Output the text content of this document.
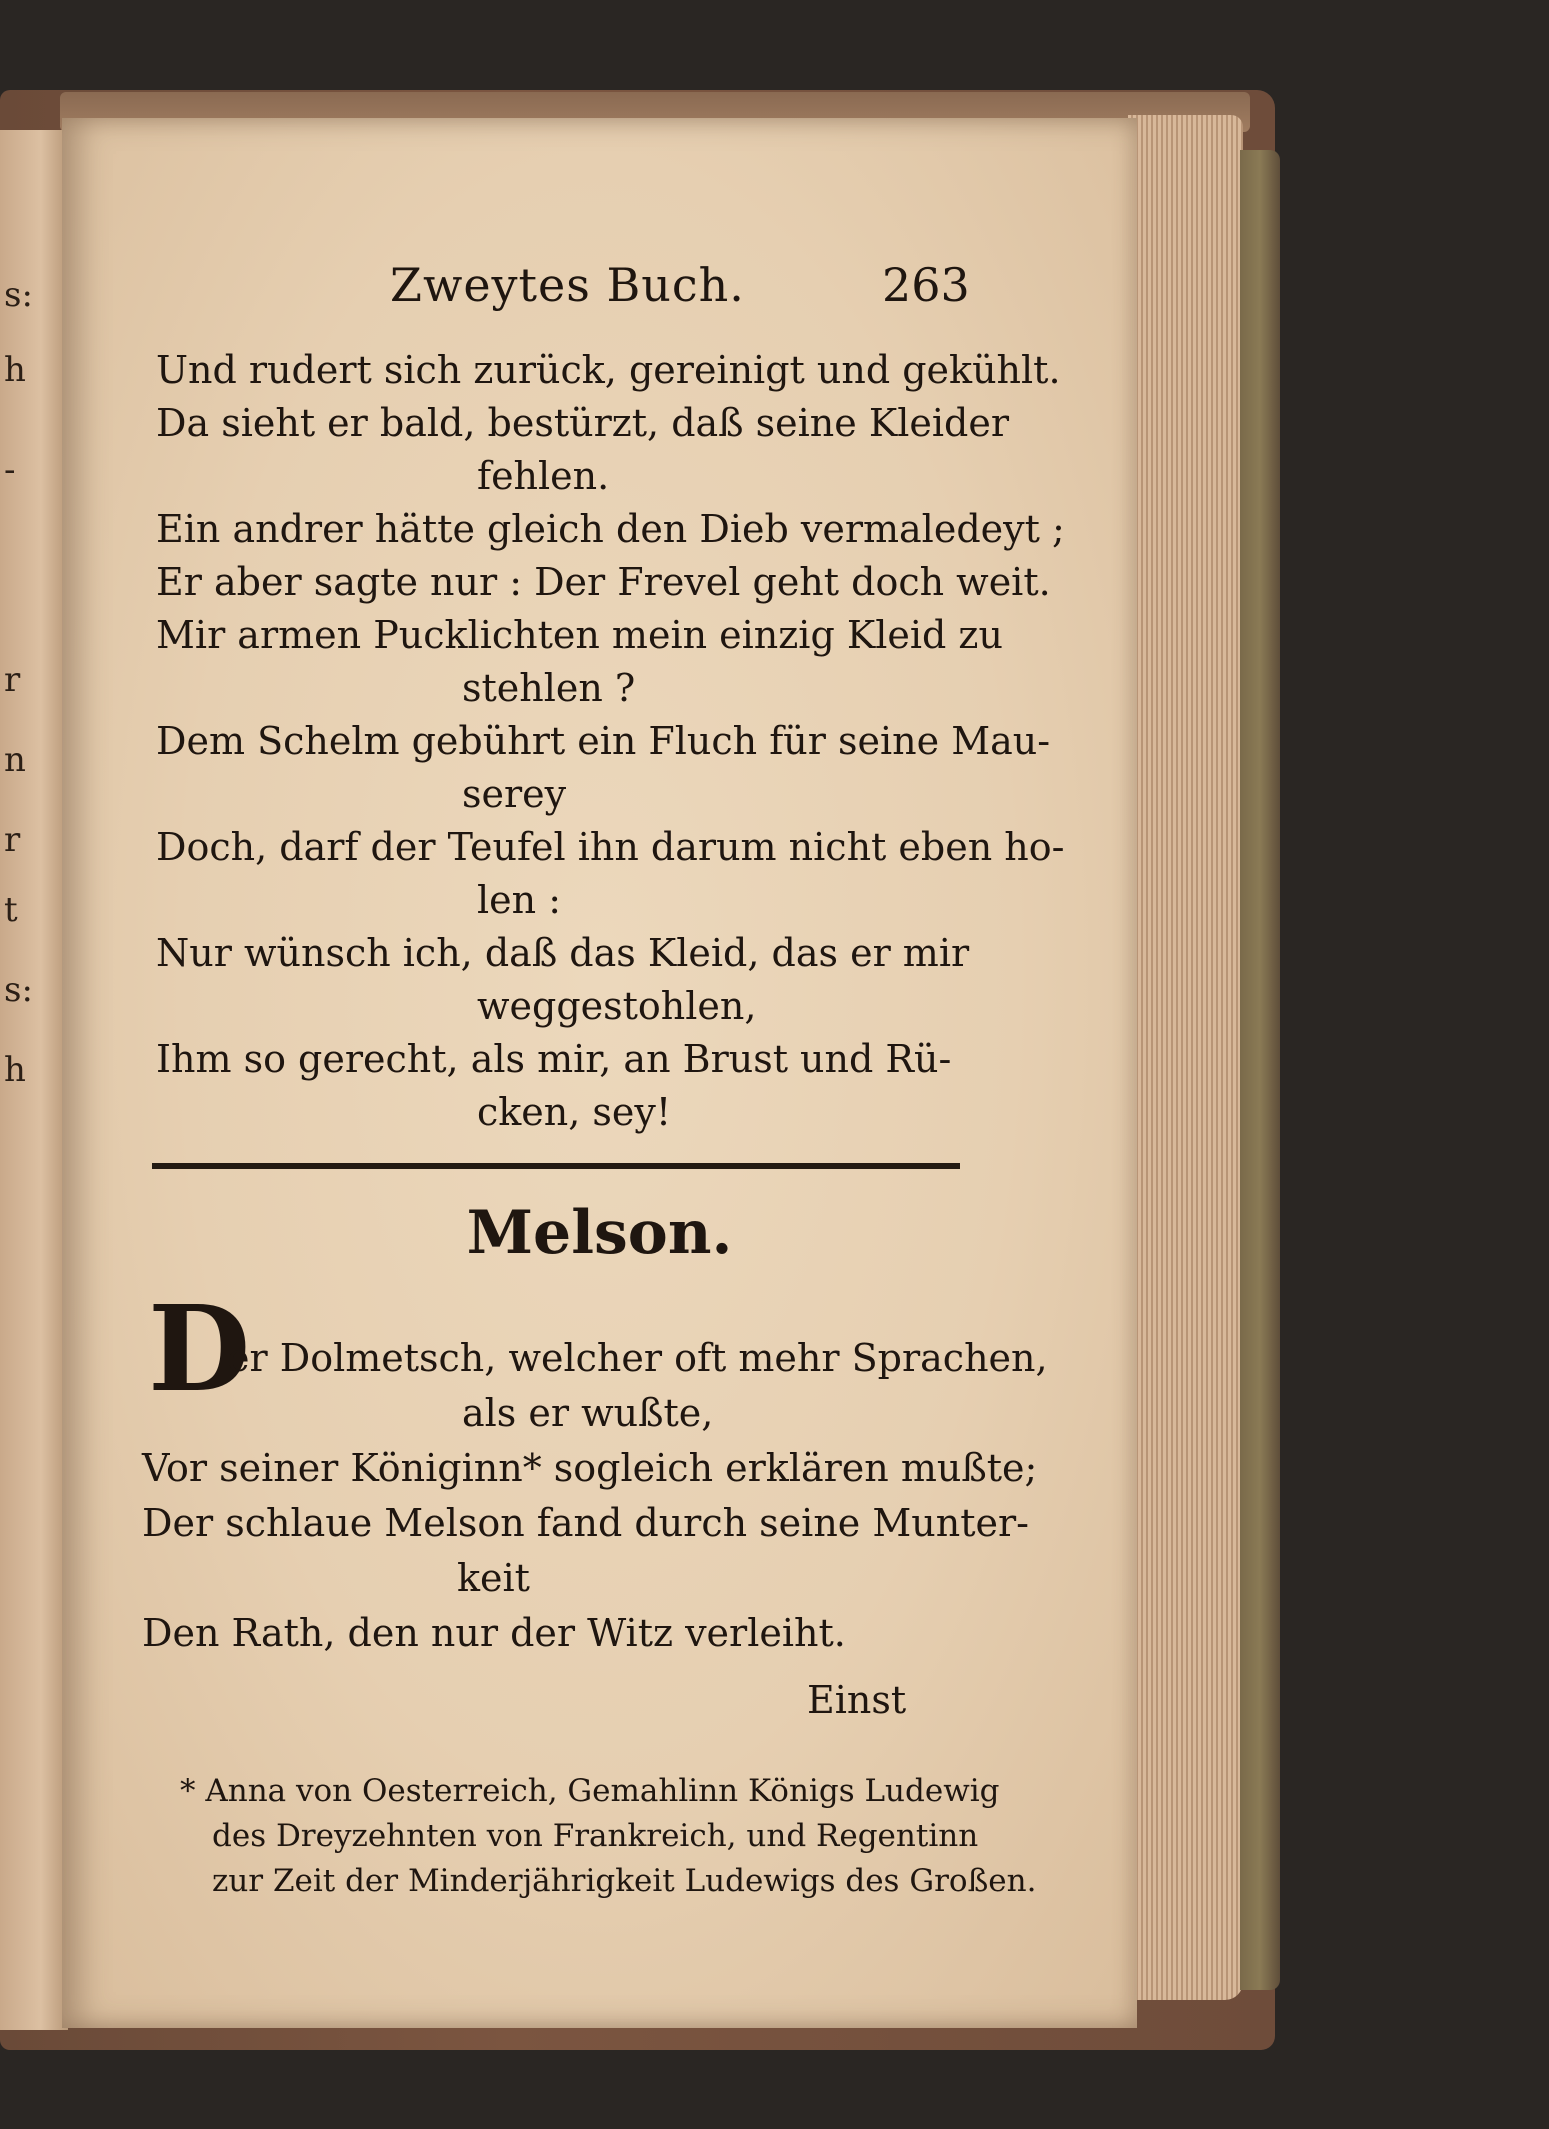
s:
h
-
r
n
r
t
s:
h
Zweytes Buch.	263
Und rudert sich zurück, gereinigt und gekühlt.
Da sieht er bald, bestürzt, daß seine Kleider
fehlen.
Ein andrer hätte gleich den Dieb vermaledeyt ;
Er aber sagte nur : Der Frevel geht doch weit.
Mir armen Pucklichten mein einzig Kleid zu
stehlen ?
Dem Schelm gebührt ein Fluch für seine Mau-
serey
Doch, darf der Teufel ihn darum nicht eben ho-
len :
Nur wünsch ich, daß das Kleid, das er mir
weggestohlen,
Ihm so gerecht, als mir, an Brust und Rü-
cken, sey!
Melson.
D
er Dolmetsch, welcher oft mehr Sprachen,
als er wußte,
Vor seiner Königinn* sogleich erklären mußte;
Der schlaue Melson fand durch seine Munter-
keit
Den Rath, den nur der Witz verleiht.
Einst
* Anna von Oesterreich, Gemahlinn Königs Ludewig
des Dreyzehnten von Frankreich, und Regentinn
zur Zeit der Minderjährigkeit Ludewigs des Großen.
